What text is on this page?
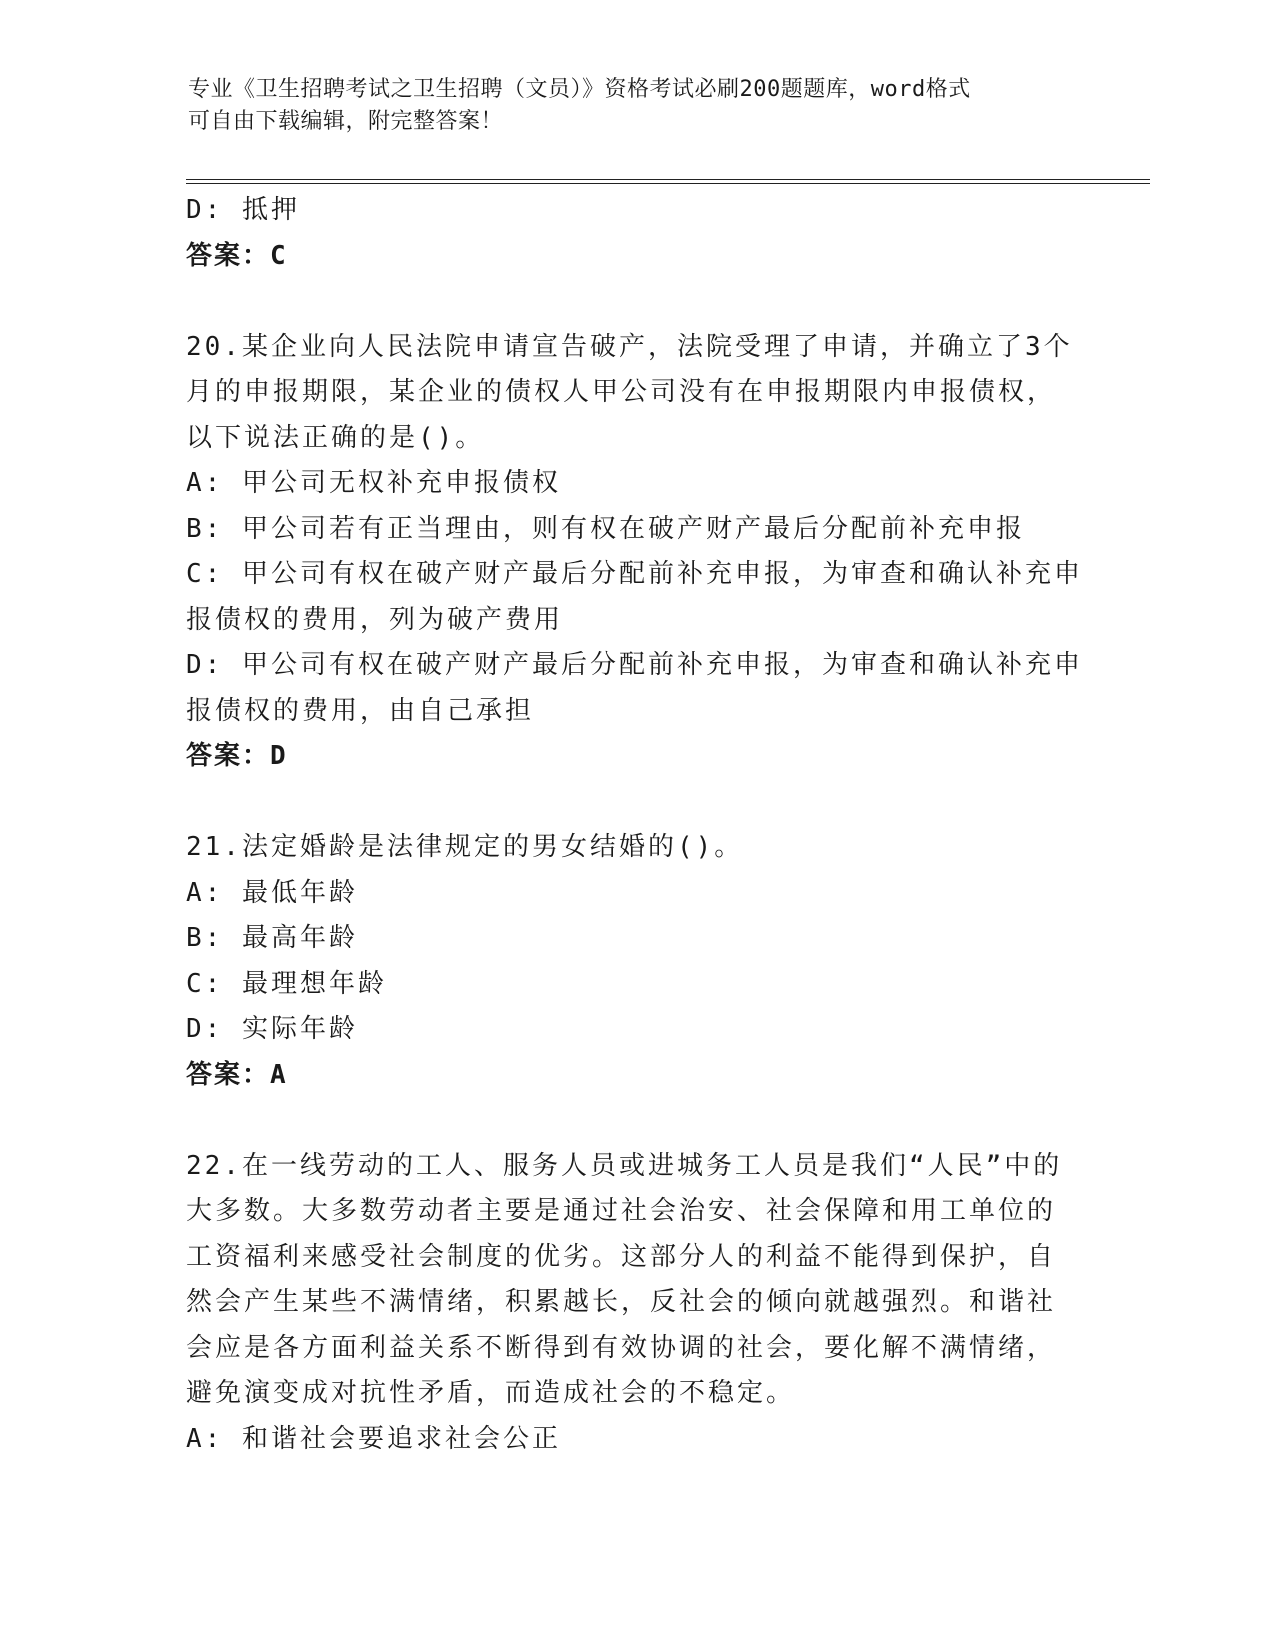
专业《卫生招聘考试之卫生招聘（文员）》资格考试必刷200题题库，word格式
可自由下载编辑，附完整答案！
D: 抵押
答案：C
20.某企业向人民法院申请宣告破产，法院受理了申请，并确立了3个
月的申报期限，某企业的债权人甲公司没有在申报期限内申报债权，
以下说法正确的是()。
A: 甲公司无权补充申报债权
B: 甲公司若有正当理由，则有权在破产财产最后分配前补充申报
C: 甲公司有权在破产财产最后分配前补充申报，为审查和确认补充申
报债权的费用，列为破产费用
D: 甲公司有权在破产财产最后分配前补充申报，为审查和确认补充申
报债权的费用，由自己承担
答案：D
21.法定婚龄是法律规定的男女结婚的()。
A: 最低年龄
B: 最高年龄
C: 最理想年龄
D: 实际年龄
答案：A
22.在一线劳动的工人、服务人员或进城务工人员是我们“人民”中的
大多数。大多数劳动者主要是通过社会治安、社会保障和用工单位的
工资福利来感受社会制度的优劣。这部分人的利益不能得到保护，自
然会产生某些不满情绪，积累越长，反社会的倾向就越强烈。和谐社
会应是各方面利益关系不断得到有效协调的社会，要化解不满情绪，
避免演变成对抗性矛盾，而造成社会的不稳定。
A: 和谐社会要追求社会公正
